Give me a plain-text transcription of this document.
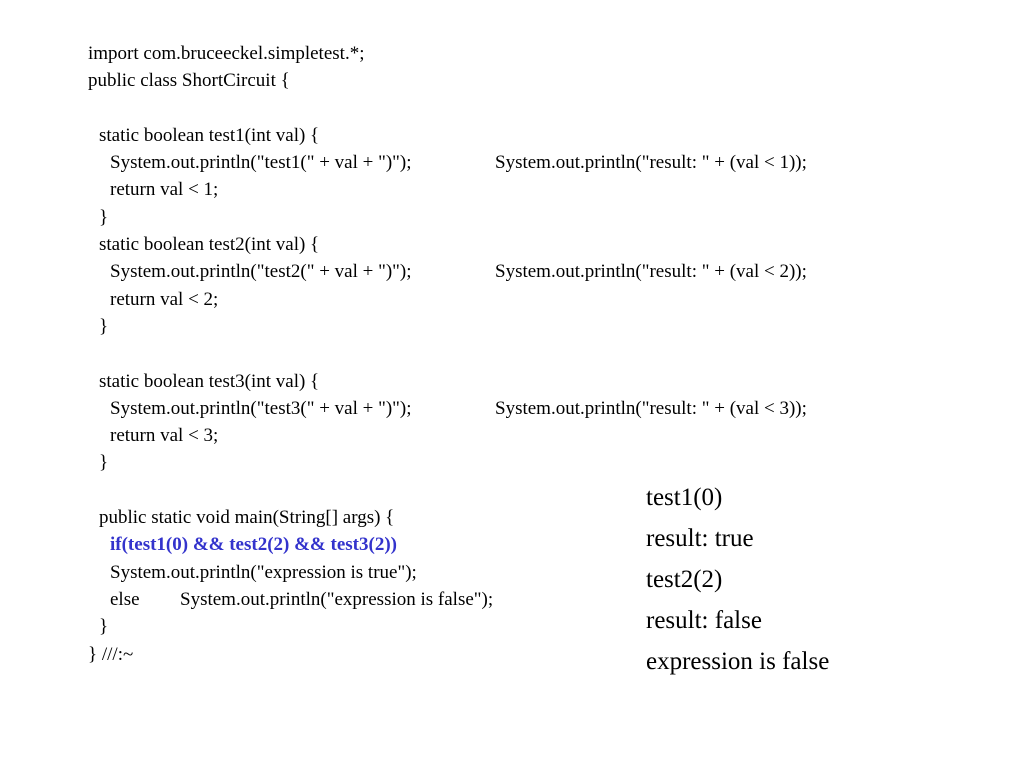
import com.bruceeckel.simpletest.*;
public class ShortCircuit {
static boolean test1(int val) {
System.out.println("test1(" + val + ")");	System.out.println("result: " + (val < 1));
return val < 1;
}
static boolean test2(int val) {
System.out.println("test2(" + val + ")");	System.out.println("result: " + (val < 2));
return val < 2;
}
static boolean test3(int val) {
System.out.println("test3(" + val + ")");	System.out.println("result: " + (val < 3));
return val < 3;
}
public static void main(String[] args) {
if(test1(0) && test2(2) && test3(2))
System.out.println("expression is true");
else System.out.println("expression is false");
}
} ///:~
test1(0)
result: true
test2(2)
result: false
expression is false
